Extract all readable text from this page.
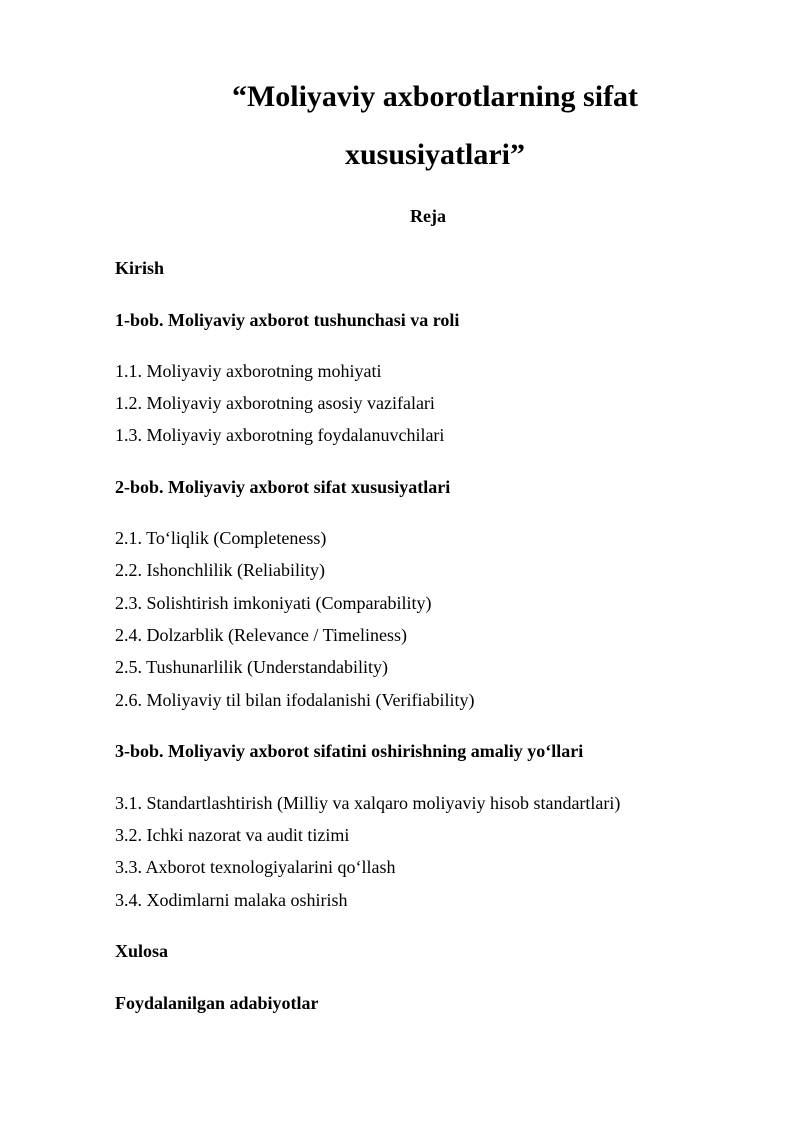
“Moliyaviy axborotlarning sifat
xususiyatlari”
Reja
Kirish
1-bob. Moliyaviy axborot tushunchasi va roli
1.1. Moliyaviy axborotning mohiyati
1.2. Moliyaviy axborotning asosiy vazifalari
1.3. Moliyaviy axborotning foydalanuvchilari
2-bob. Moliyaviy axborot sifat xususiyatlari
2.1. To‘liqlik (Completeness)
2.2. Ishonchlilik (Reliability)
2.3. Solishtirish imkoniyati (Comparability)
2.4. Dolzarblik (Relevance / Timeliness)
2.5. Tushunarlilik (Understandability)
2.6. Moliyaviy til bilan ifodalanishi (Verifiability)
3-bob. Moliyaviy axborot sifatini oshirishning amaliy yo‘llari
3.1. Standartlashtirish (Milliy va xalqaro moliyaviy hisob standartlari)
3.2. Ichki nazorat va audit tizimi
3.3. Axborot texnologiyalarini qo‘llash
3.4. Xodimlarni malaka oshirish
Xulosa
Foydalanilgan adabiyotlar
